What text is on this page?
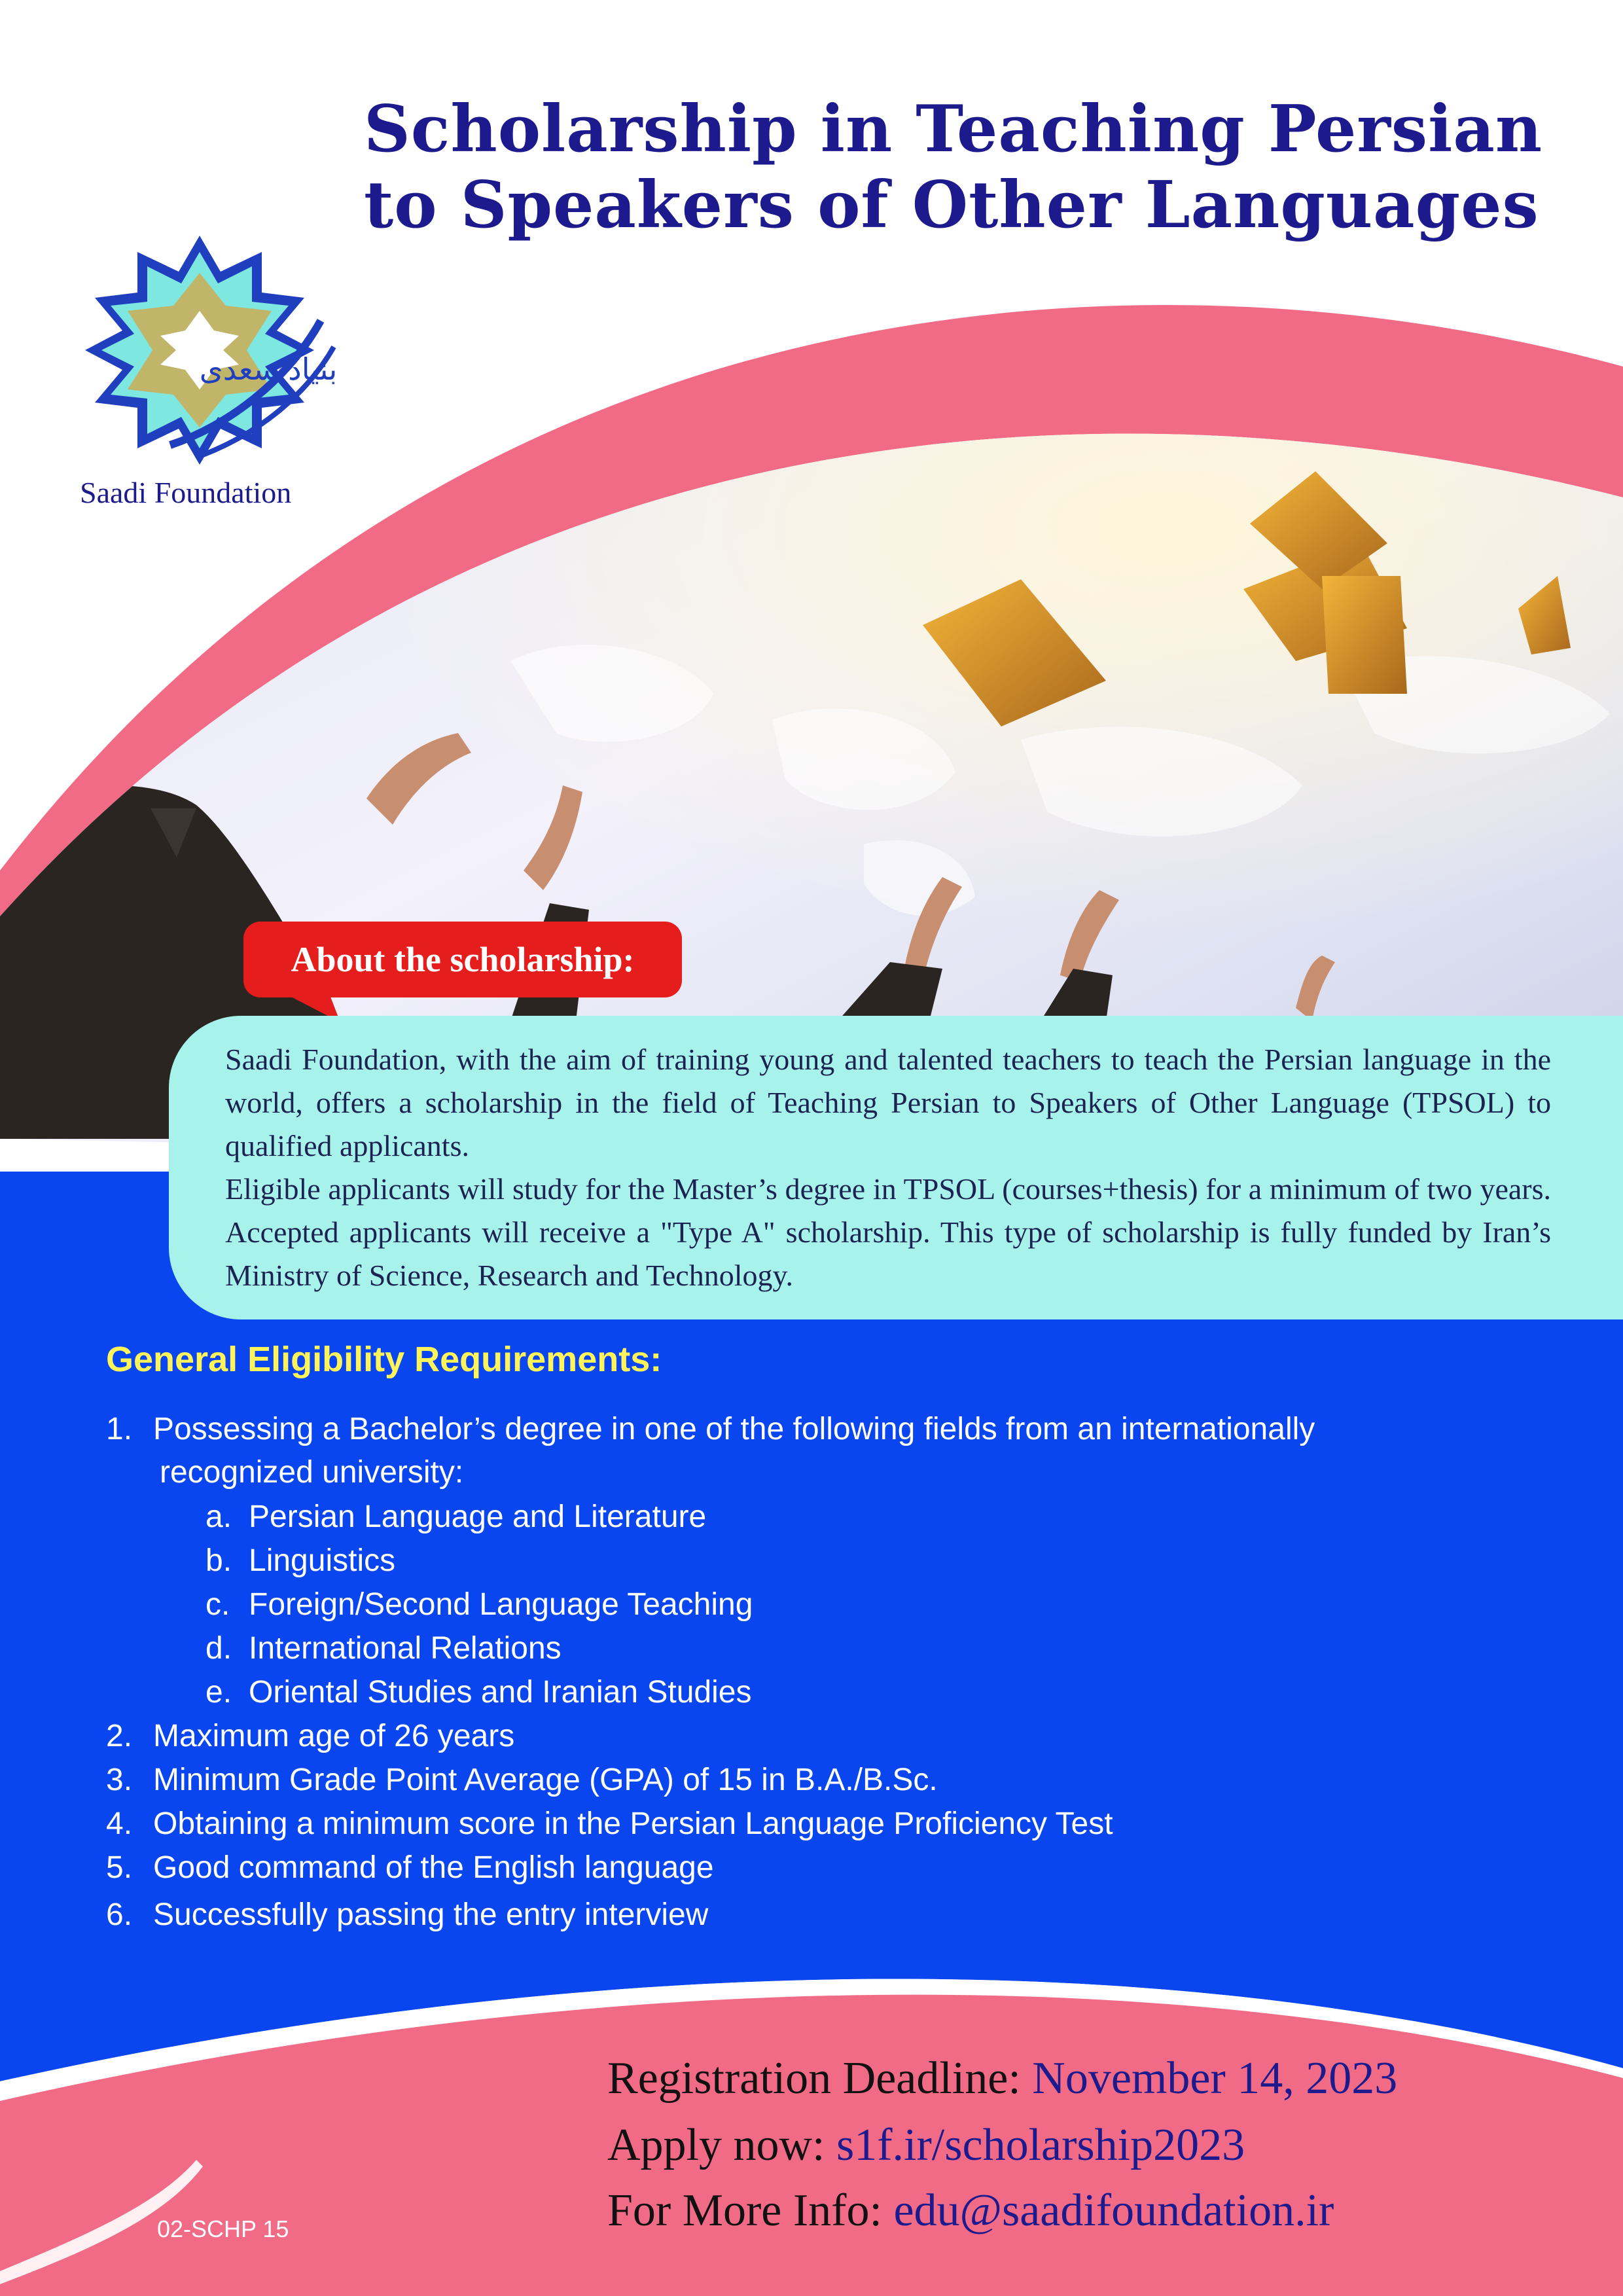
بنیاد سعدی
Saadi Foundation
Scholarship in Teaching Persian
to Speakers of Other Languages
About the scholarship:

Saadi Foundation, with the aim of training young and talented teachers to teach the Persian language in the world, offers a scholarship in the field of Teaching Persian to Speakers of Other Language (TPSOL) to qualified applicants.

Eligible applicants will study for the Master’s degree in TPSOL (courses+thesis) for a minimum of two years. Accepted applicants will receive a "Type A" scholarship. This type of scholarship is fully funded by Iran’s Ministry of Science, Research and Technology.

General Eligibility Requirements:
1. Possessing a Bachelor’s degree in one of the following fields from an internationally
recognized university:
a. Persian Language and Literature
b. Linguistics
c. Foreign/Second Language Teaching
d. International Relations
e. Oriental Studies and Iranian Studies
2. Maximum age of 26 years
3. Minimum Grade Point Average (GPA) of 15 in B.A./B.Sc.
4. Obtaining a minimum score in the Persian Language Proficiency Test
5. Good command of the English language
6. Successfully passing the entry interview
Registration Deadline: November 14, 2023
Apply now: s1f.ir/scholarship2023
For More Info: edu@saadifoundation.ir
02-SCHP 15
